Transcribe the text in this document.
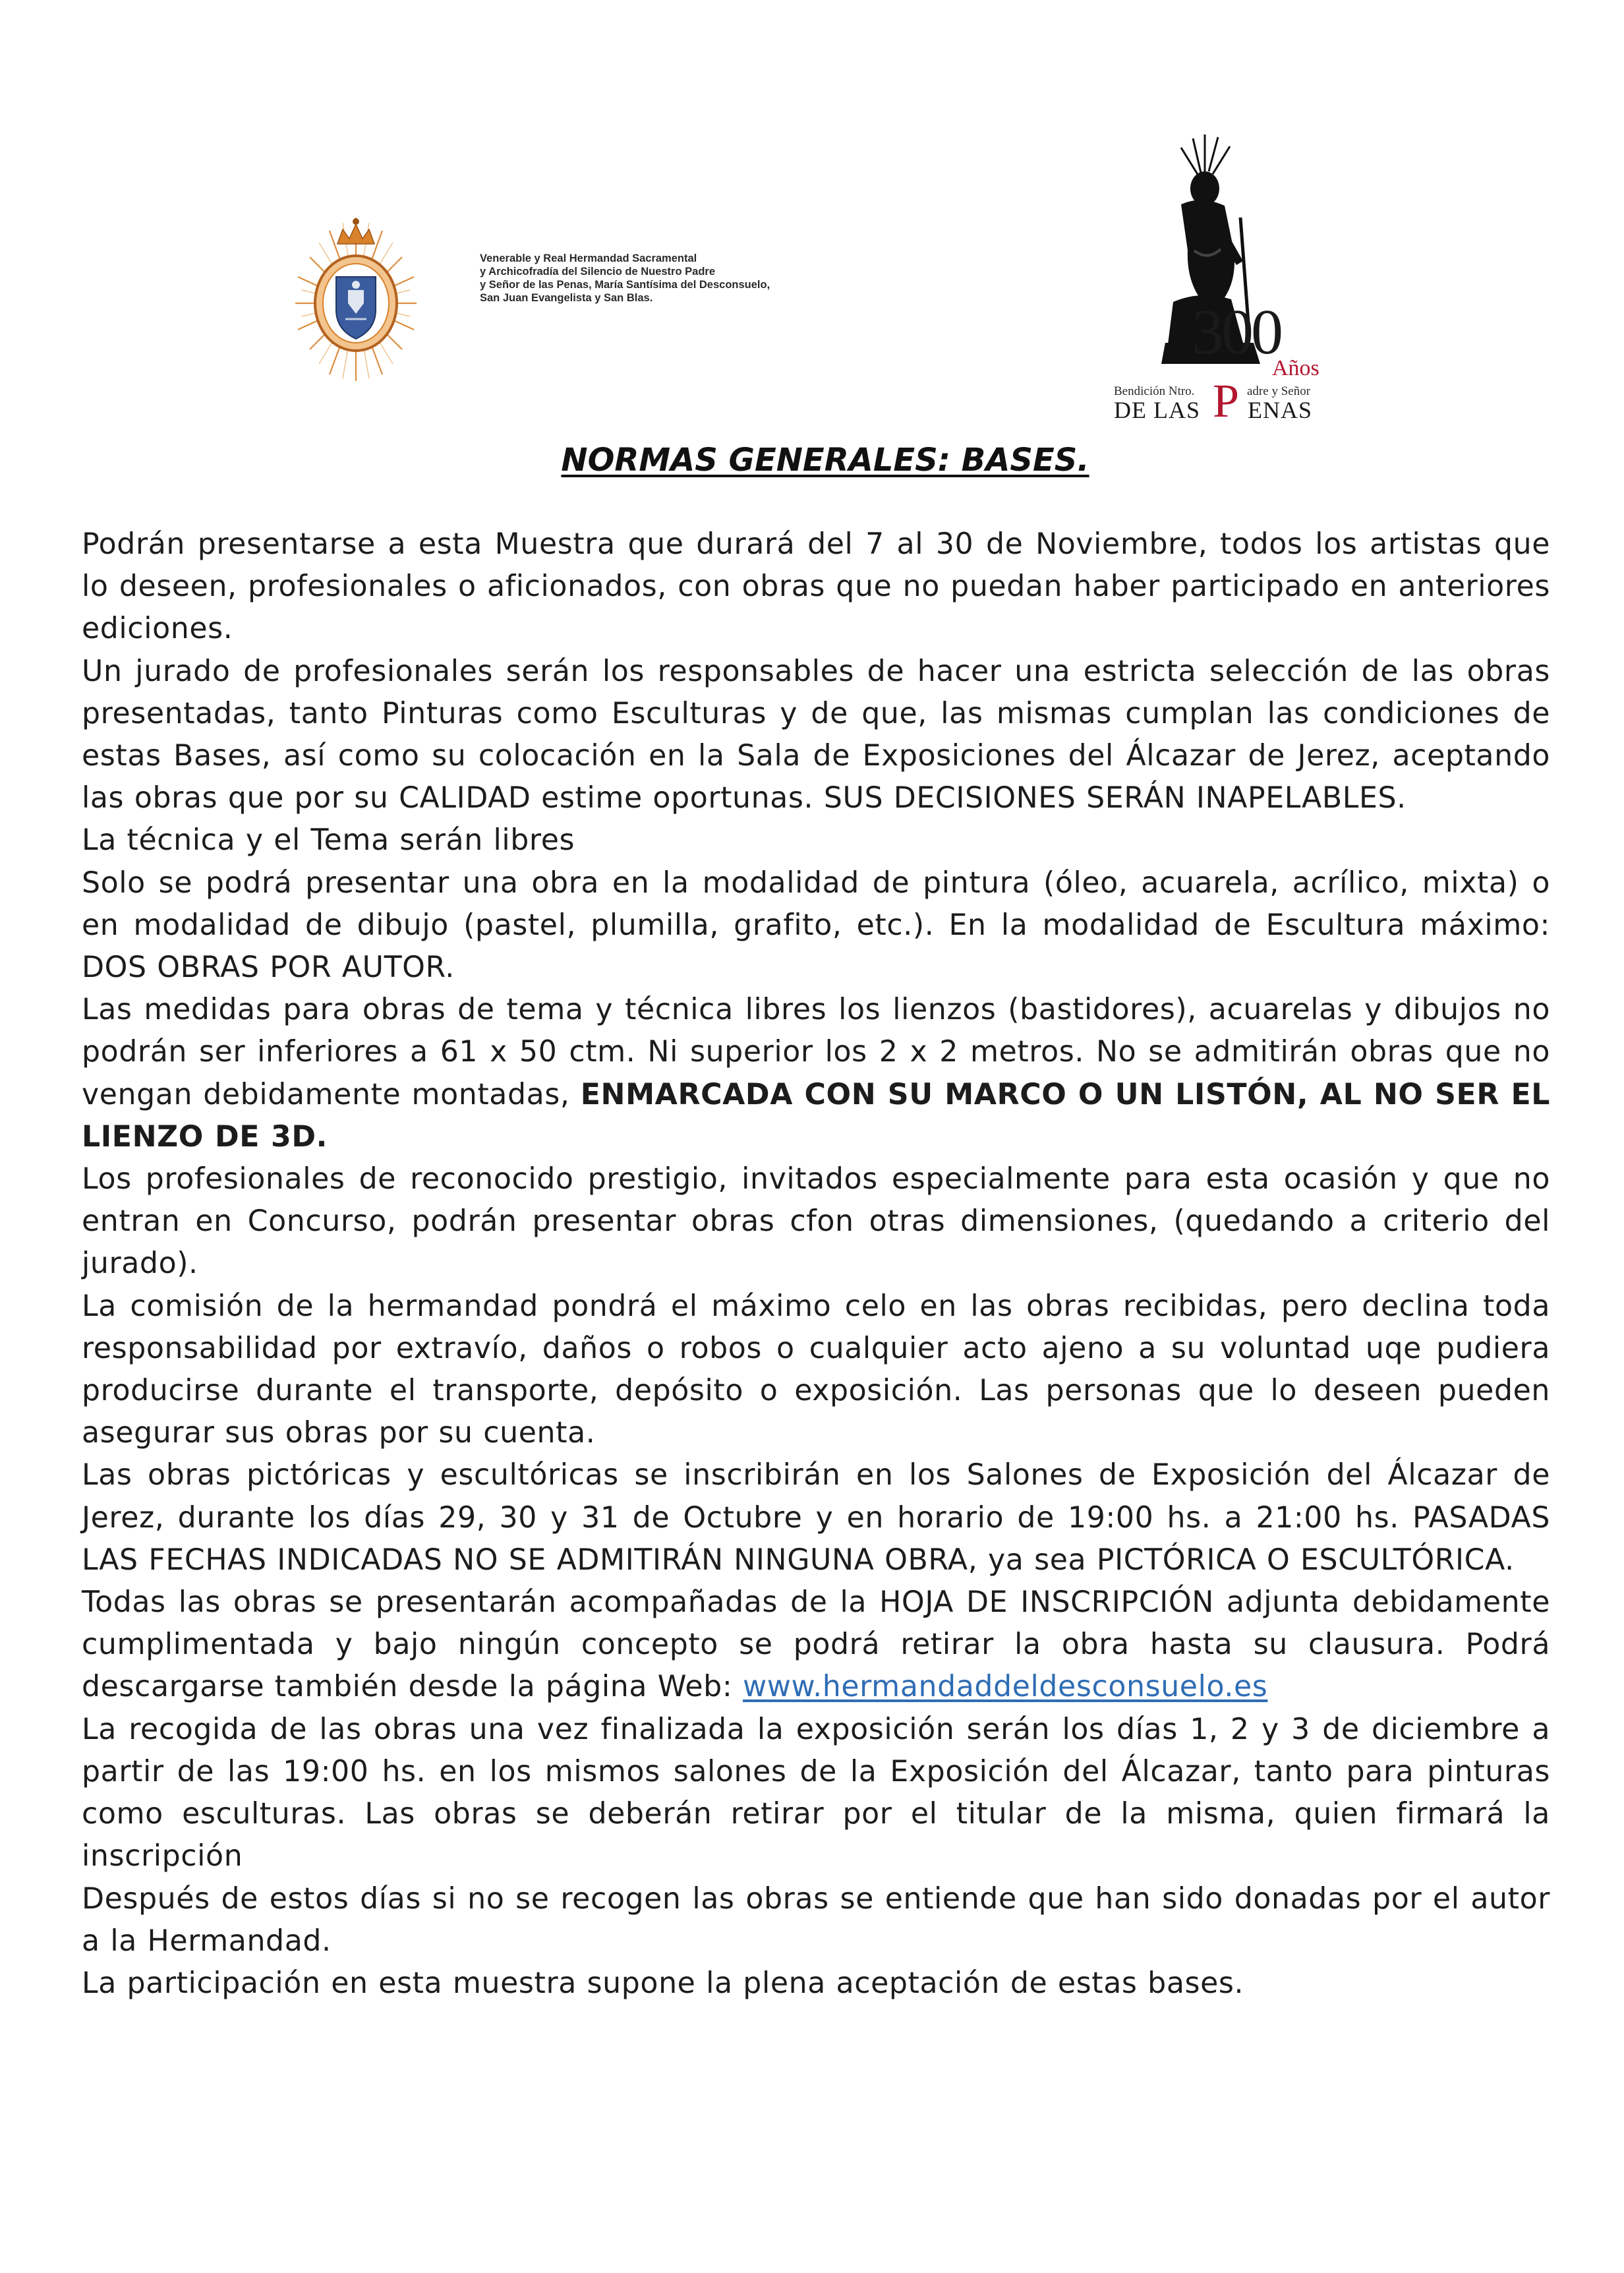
Venerable y Real Hermandad Sacramental
y Archicofradía del Silencio de Nuestro Padre
y Señor de las Penas, María Santísima del Desconsuelo,
San Juan Evangelista y San Blas.	300
Años
Bendición Ntro. P adre y Señor
DE LAS ENAS
NORMAS GENERALES: BASES.

Podrán presentarse a esta Muestra que durará del 7 al 30 de Noviembre, todos los artistas que lo deseen, profesionales o aficionados, con obras que no puedan haber participado en anteriores ediciones.

Un jurado de profesionales serán los responsables de hacer una estricta selección de las obras presentadas, tanto Pinturas como Esculturas y de que, las mismas cumplan las condiciones de estas Bases, así como su colocación en la Sala de Exposiciones del Álcazar de Jerez, aceptando las obras que por su CALIDAD estime oportunas. SUS DECISIONES SERÁN INAPELABLES.

La técnica y el Tema serán libres

Solo se podrá presentar una obra en la modalidad de pintura (óleo, acuarela, acrílico, mixta) o en modalidad de dibujo (pastel, plumilla, grafito, etc.). En la modalidad de Escultura máximo: DOS OBRAS POR AUTOR.

Las medidas para obras de tema y técnica libres los lienzos (bastidores), acuarelas y dibujos no podrán ser inferiores a 61 x 50 ctm. Ni superior los 2 x 2 metros. No se admitirán obras que no vengan debidamente montadas, ENMARCADA CON SU MARCO O UN LISTÓN, AL NO SER EL LIENZO DE 3D.

Los profesionales de reconocido prestigio, invitados especialmente para esta ocasión y que no entran en Concurso, podrán presentar obras cfon otras dimensiones, (quedando a criterio del jurado).

La comisión de la hermandad pondrá el máximo celo en las obras recibidas, pero declina toda responsabilidad por extravío, daños o robos o cualquier acto ajeno a su voluntad uqe pudiera producirse durante el transporte, depósito o exposición. Las personas que lo deseen pueden asegurar sus obras por su cuenta.

Las obras pictóricas y escultóricas se inscribirán en los Salones de Exposición del Álcazar de Jerez, durante los días 29, 30 y 31 de Octubre y en horario de 19:00 hs. a 21:00 hs. PASADAS LAS FECHAS INDICADAS NO SE ADMITIRÁN NINGUNA OBRA, ya sea PICTÓRICA O ESCULTÓRICA.

Todas las obras se presentarán acompañadas de la HOJA DE INSCRIPCIÓN adjunta debidamente cumplimentada y bajo ningún concepto se podrá retirar la obra hasta su clausura. Podrá descargarse también desde la página Web: www.hermandaddeldesconsuelo.es

La recogida de las obras una vez finalizada la exposición serán los días 1, 2 y 3 de diciembre a partir de las 19:00 hs. en los mismos salones de la Exposición del Álcazar, tanto para pinturas como esculturas. Las obras se deberán retirar por el titular de la misma, quien firmará la inscripción

Después de estos días si no se recogen las obras se entiende que han sido donadas por el autor a la Hermandad.

La participación en esta muestra supone la plena aceptación de estas bases.
